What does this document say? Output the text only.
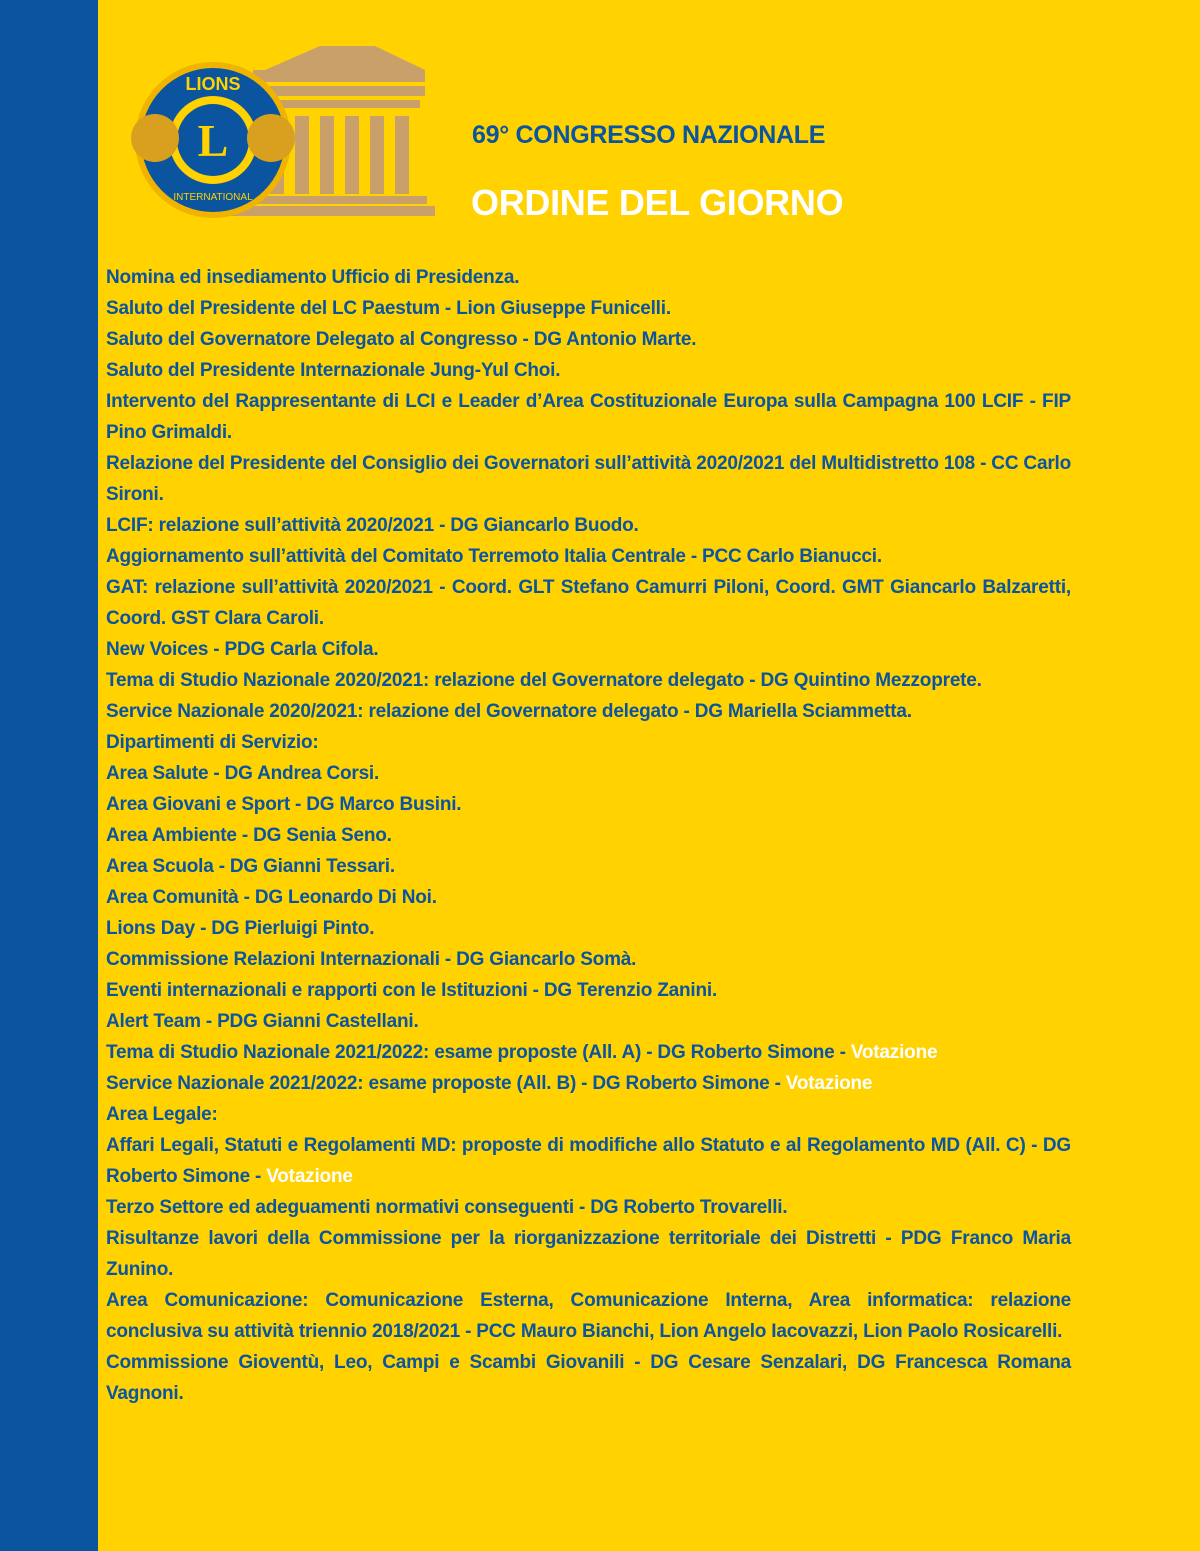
L
LIONS
INTERNATIONAL
69° CONGRESSO NAZIONALE
ORDINE DEL GIORNO
1 Nomina ed insediamento Ufficio di Presidenza.
2 Saluto del Presidente del LC Paestum - Lion Giuseppe Funicelli.
3 Saluto del Governatore Delegato al Congresso - DG Antonio Marte.
4 Saluto del Presidente Internazionale Jung-Yul Choi.
5 Intervento del Rappresentante di LCI e Leader d’Area Costituzionale Europa sulla Campagna 100 LCIF - FIP Pino Grimaldi.
6 Relazione del Presidente del Consiglio dei Governatori sull’attività 2020/2021 del Multidistretto 108 - CC Carlo Sironi.
7 LCIF: relazione sull’attività 2020/2021 - DG Giancarlo Buodo.
8 Aggiornamento sull’attività del Comitato Terremoto Italia Centrale - PCC Carlo Bianucci.
9 GAT: relazione sull’attività 2020/2021 - Coord. GLT Stefano Camurri Piloni, Coord. GMT Giancarlo Balzaretti, Coord. GST Clara Caroli.
10 New Voices - PDG Carla Cifola.
11 Tema di Studio Nazionale 2020/2021: relazione del Governatore delegato - DG Quintino Mezzoprete.
12 Service Nazionale 2020/2021: relazione del Governatore delegato - DG Mariella Sciammetta.
13 Dipartimenti di Servizio:
13a Area Salute - DG Andrea Corsi.
13b Area Giovani e Sport - DG Marco Businі.
13c Area Ambiente - DG Senia Seno.
13d Area Scuola - DG Gianni Tessari.
13e Area Comunità - DG Leonardo Di Noi.
14 Lions Day - DG Pierluigi Pinto.
15 Commissione Relazioni Internazionali - DG Giancarlo Somà.
16 Eventi internazionali e rapporti con le Istituzioni - DG Terenzio Zanini.
17 Alert Team - PDG Gianni Castellani.
18 Tema di Studio Nazionale 2021/2022: esame proposte (All. A) - DG Roberto Simone - Votazione
19 Service Nazionale 2021/2022: esame proposte (All. B) - DG Roberto Simone - Votazione
20 Area Legale:
20a Affari Legali, Statuti e Regolamenti MD: proposte di modifiche allo Statuto e al Regolamento MD (All. C) - DG Roberto Simone - Votazione
20b Terzo Settore ed adeguamenti normativi conseguenti - DG Roberto Trovarelli.
21 Risultanze lavori della Commissione per la riorganizzazione territoriale dei Distretti - PDG Franco Maria Zunino.
22 Area Comunicazione: Comunicazione Esterna, Comunicazione Interna, Area informatica: relazione conclusiva su attività triennio 2018/2021 - PCC Mauro Bianchi, Lion Angelo Iacovazzi, Lion Paolo Rosicarelli.
23 Commissione Gioventù, Leo, Campi e Scambi Giovanili - DG Cesare Senzalari, DG Francesca Romana Vagnoni.
